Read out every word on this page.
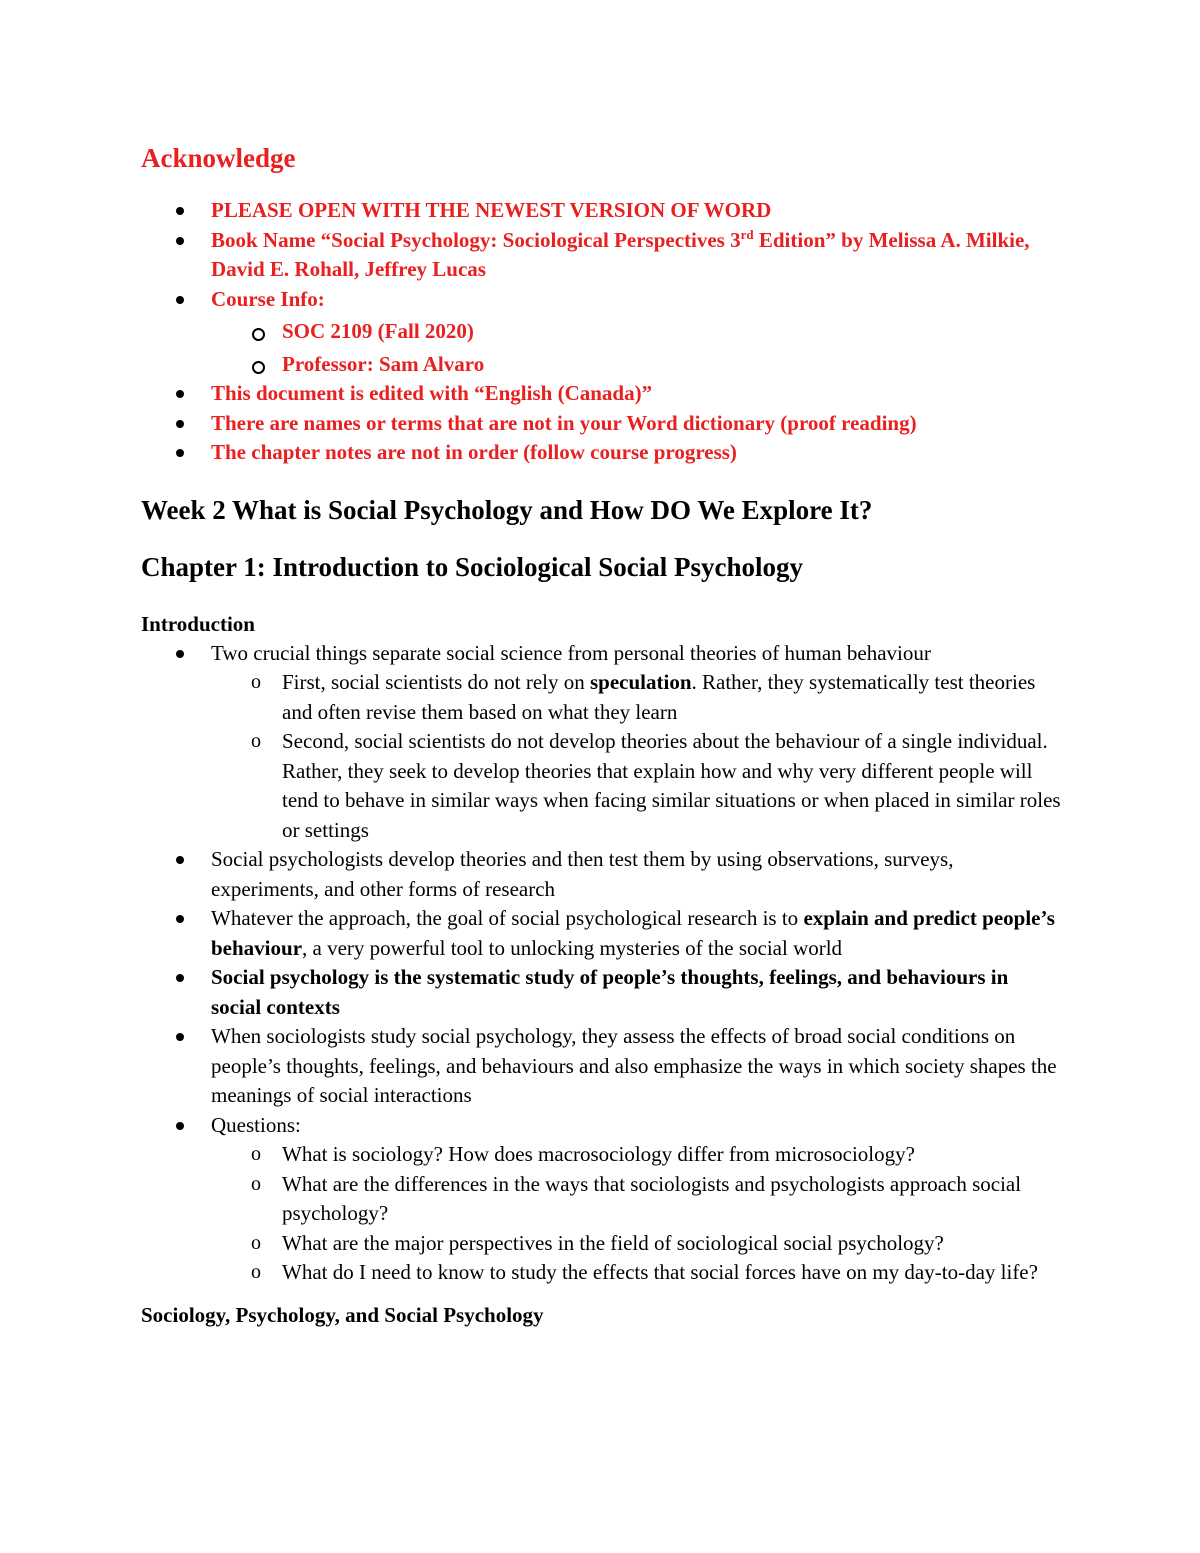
Acknowledge
PLEASE OPEN WITH THE NEWEST VERSION OF WORD
Book Name “Social Psychology: Sociological Perspectives 3rd Edition” by Melissa A. Milkie, David E. Rohall, Jeffrey Lucas
Course Info:
SOC 2109 (Fall 2020)
Professor: Sam Alvaro
This document is edited with “English (Canada)”
There are names or terms that are not in your Word dictionary (proof reading)
The chapter notes are not in order (follow course progress)
Week 2 What is Social Psychology and How DO We Explore It?
Chapter 1: Introduction to Sociological Social Psychology
Introduction
Two crucial things separate social science from personal theories of human behaviour
o First, social scientists do not rely on speculation. Rather, they systematically test theories and often revise them based on what they learn
o Second, social scientists do not develop theories about the behaviour of a single individual. Rather, they seek to develop theories that explain how and why very different people will tend to behave in similar ways when facing similar situations or when placed in similar roles or settings
Social psychologists develop theories and then test them by using observations, surveys, experiments, and other forms of research
Whatever the approach, the goal of social psychological research is to explain and predict people’s behaviour, a very powerful tool to unlocking mysteries of the social world
Social psychology is the systematic study of people’s thoughts, feelings, and behaviours in social contexts
When sociologists study social psychology, they assess the effects of broad social conditions on people’s thoughts, feelings, and behaviours and also emphasize the ways in which society shapes the meanings of social interactions
Questions:
o What is sociology? How does macrosociology differ from microsociology?
o What are the differences in the ways that sociologists and psychologists approach social psychology?
o What are the major perspectives in the field of sociological social psychology?
o What do I need to know to study the effects that social forces have on my day-to-day life?
Sociology, Psychology, and Social Psychology
